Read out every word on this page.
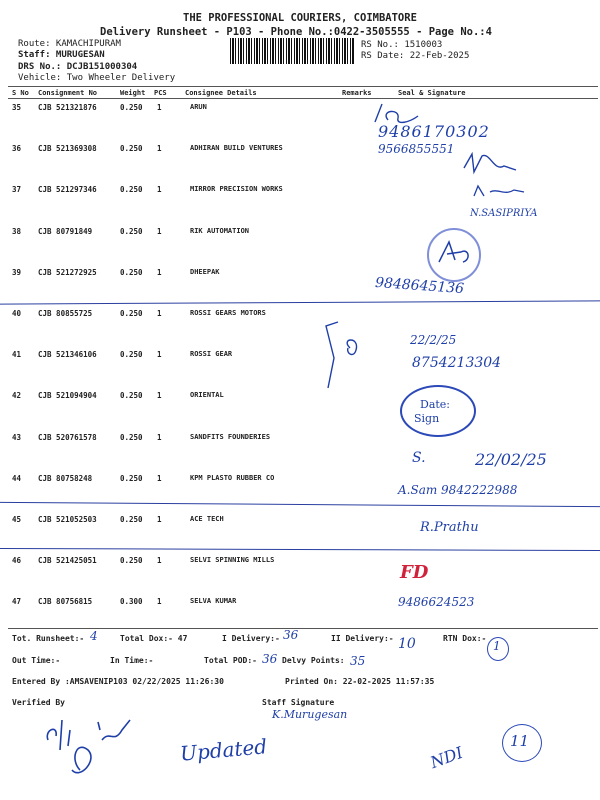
THE PROFESSIONAL COURIERS, COIMBATORE
Delivery Runsheet - P103 - Phone No.:0422-3505555 - Page No.:4
Route: KAMACHIPURAM
Staff: MURUGESAN
DRS No.: DCJB151000304
Vehicle: Two Wheeler Delivery
RS No.: 1510003
RS Date: 22-Feb-2025
S No Consignment No	Weight PCS	Consignee Details	Remarks	Seal & Signature
35 CJB 521321876	0.250 1	ARUN
36 CJB 521369308	0.250 1	ADHIRAN BUILD VENTURES
37 CJB 521297346	0.250 1	MIRROR PRECISION WORKS
38 CJB 80791849	0.250 1	RIK AUTOMATION
39 CJB 521272925	0.250 1	DHEEPAK
40 CJB 80855725	0.250 1	ROSSI GEARS MOTORS
41 CJB 521346106	0.250 1	ROSSI GEAR
42 CJB 521094904	0.250 1	ORIENTAL
43 CJB 520761578	0.250 1	SANDFITS FOUNDERIES
44 CJB 80758248	0.250 1	KPM PLASTO RUBBER CO
45 CJB 521052503	0.250 1	ACE TECH
46 CJB 521425051	0.250 1	SELVI SPINNING MILLS
47 CJB 80756815	0.300 1	SELVA KUMAR
9486170302
9566855551
N.SASIPRIYA
9848645136
22/2/25
8754213304
Date:
Sign
S.	22/02/25
A.Sam 9842222988
R.Prathu
FD
9486624523
Tot. Runsheet:- 4	Total Dox:- 47	I Delivery:- 36	II Delivery:- 10	RTN Dox:-
1
Out Time:-	In Time:-	Total POD:- 36 Delvy Points: 35
Entered By :AMSAVENIP103 02/22/2025 11:26:30	Printed On: 22-02-2025 11:57:35
Verified By	Staff Signature
K.Murugesan
Updated	NDI
11
